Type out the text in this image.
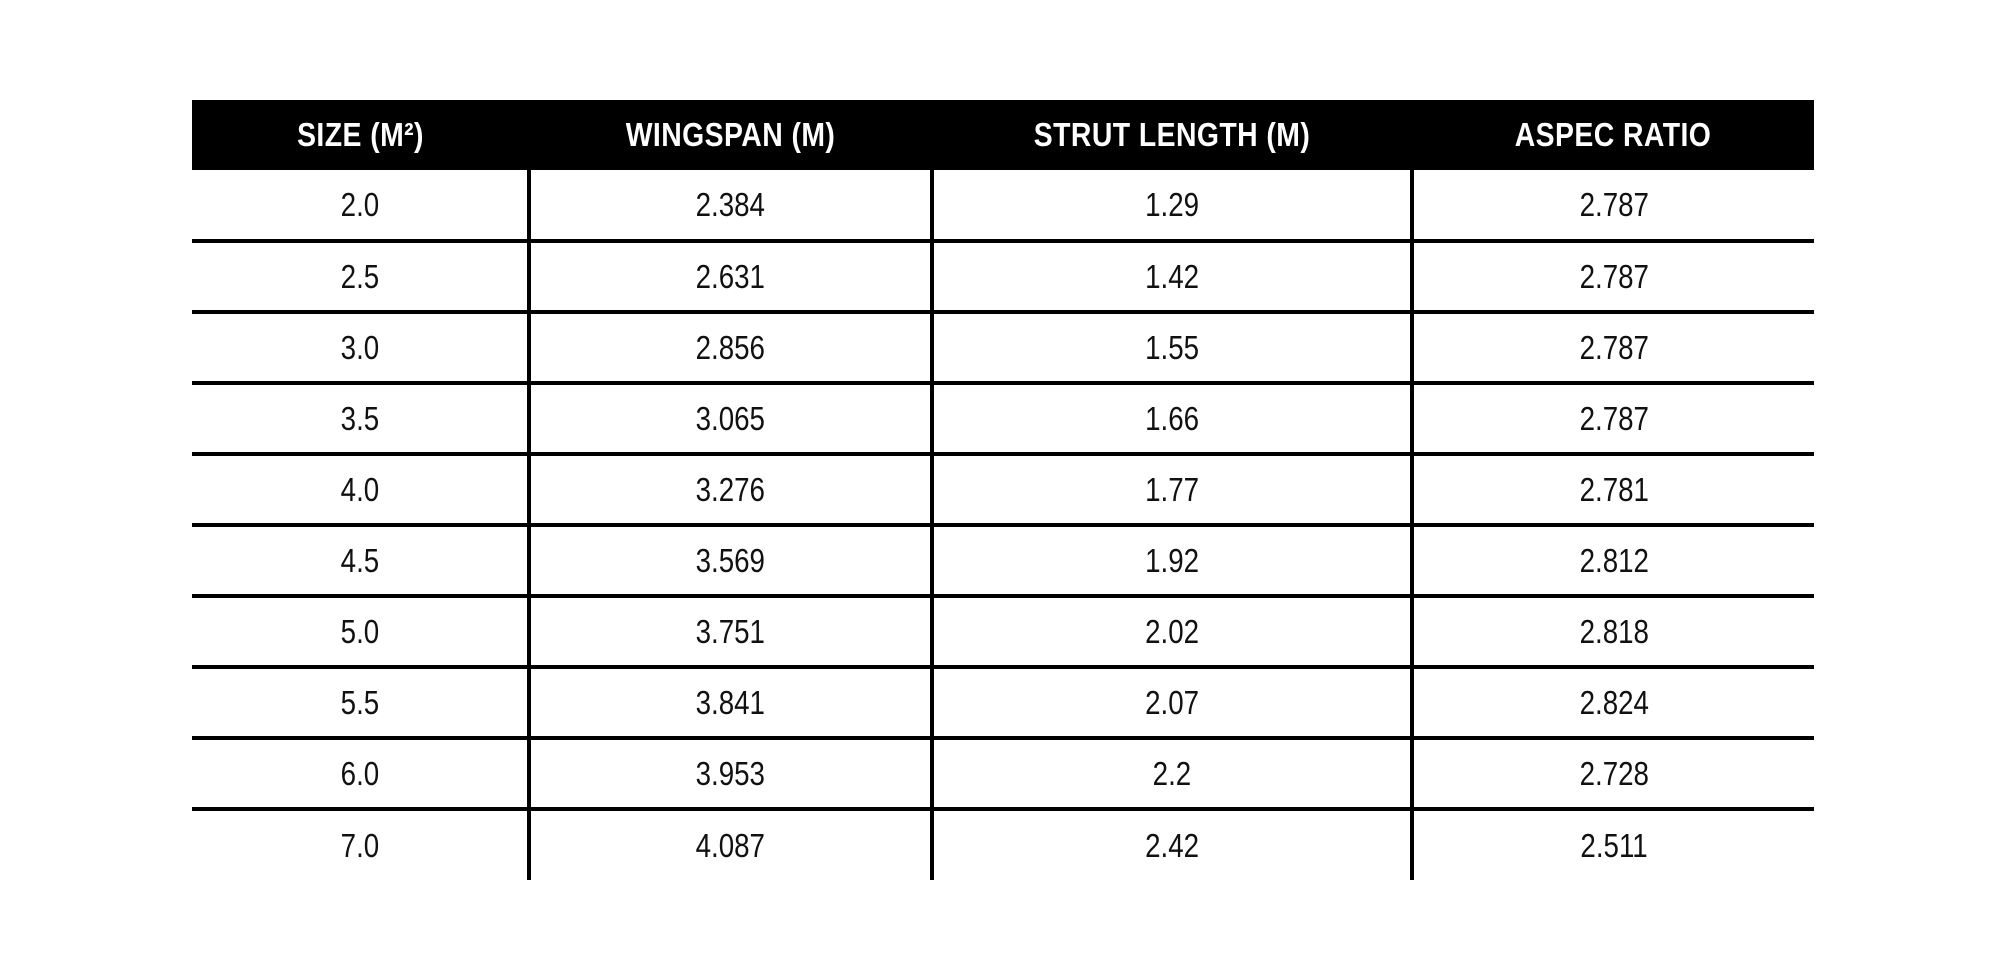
SIZE (M²)	WINGSPAN (M)	STRUT LENGTH (M)	ASPEC RATIO
2.0	2.384	1.29	2.787
2.5	2.631	1.42	2.787
3.0	2.856	1.55	2.787
3.5	3.065	1.66	2.787
4.0	3.276	1.77	2.781
4.5	3.569	1.92	2.812
5.0	3.751	2.02	2.818
5.5	3.841	2.07	2.824
6.0	3.953	2.2	2.728
7.0	4.087	2.42	2.511
